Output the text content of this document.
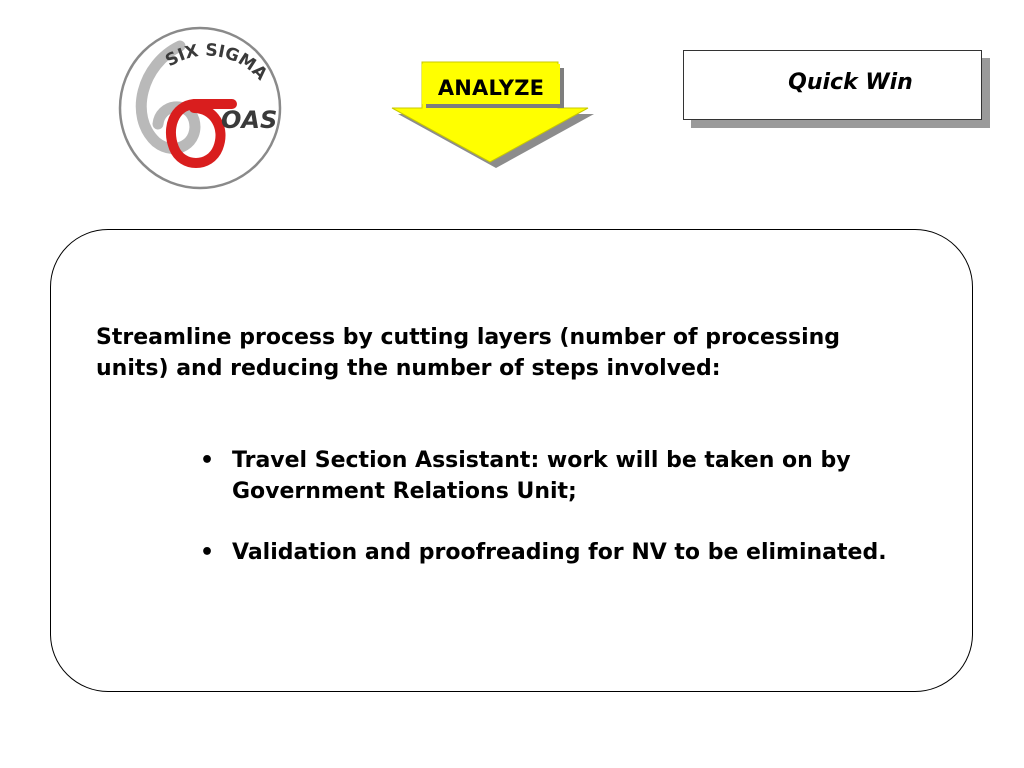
SIX SIGMA
OAS
ANALYZE	Quick Win

Streamline process by cutting layers (number of processing units) and reducing the number of steps involved:

• Travel Section Assistant: work will be taken on by Government Relations Unit;
• Validation and proofreading for NV to be eliminated.
